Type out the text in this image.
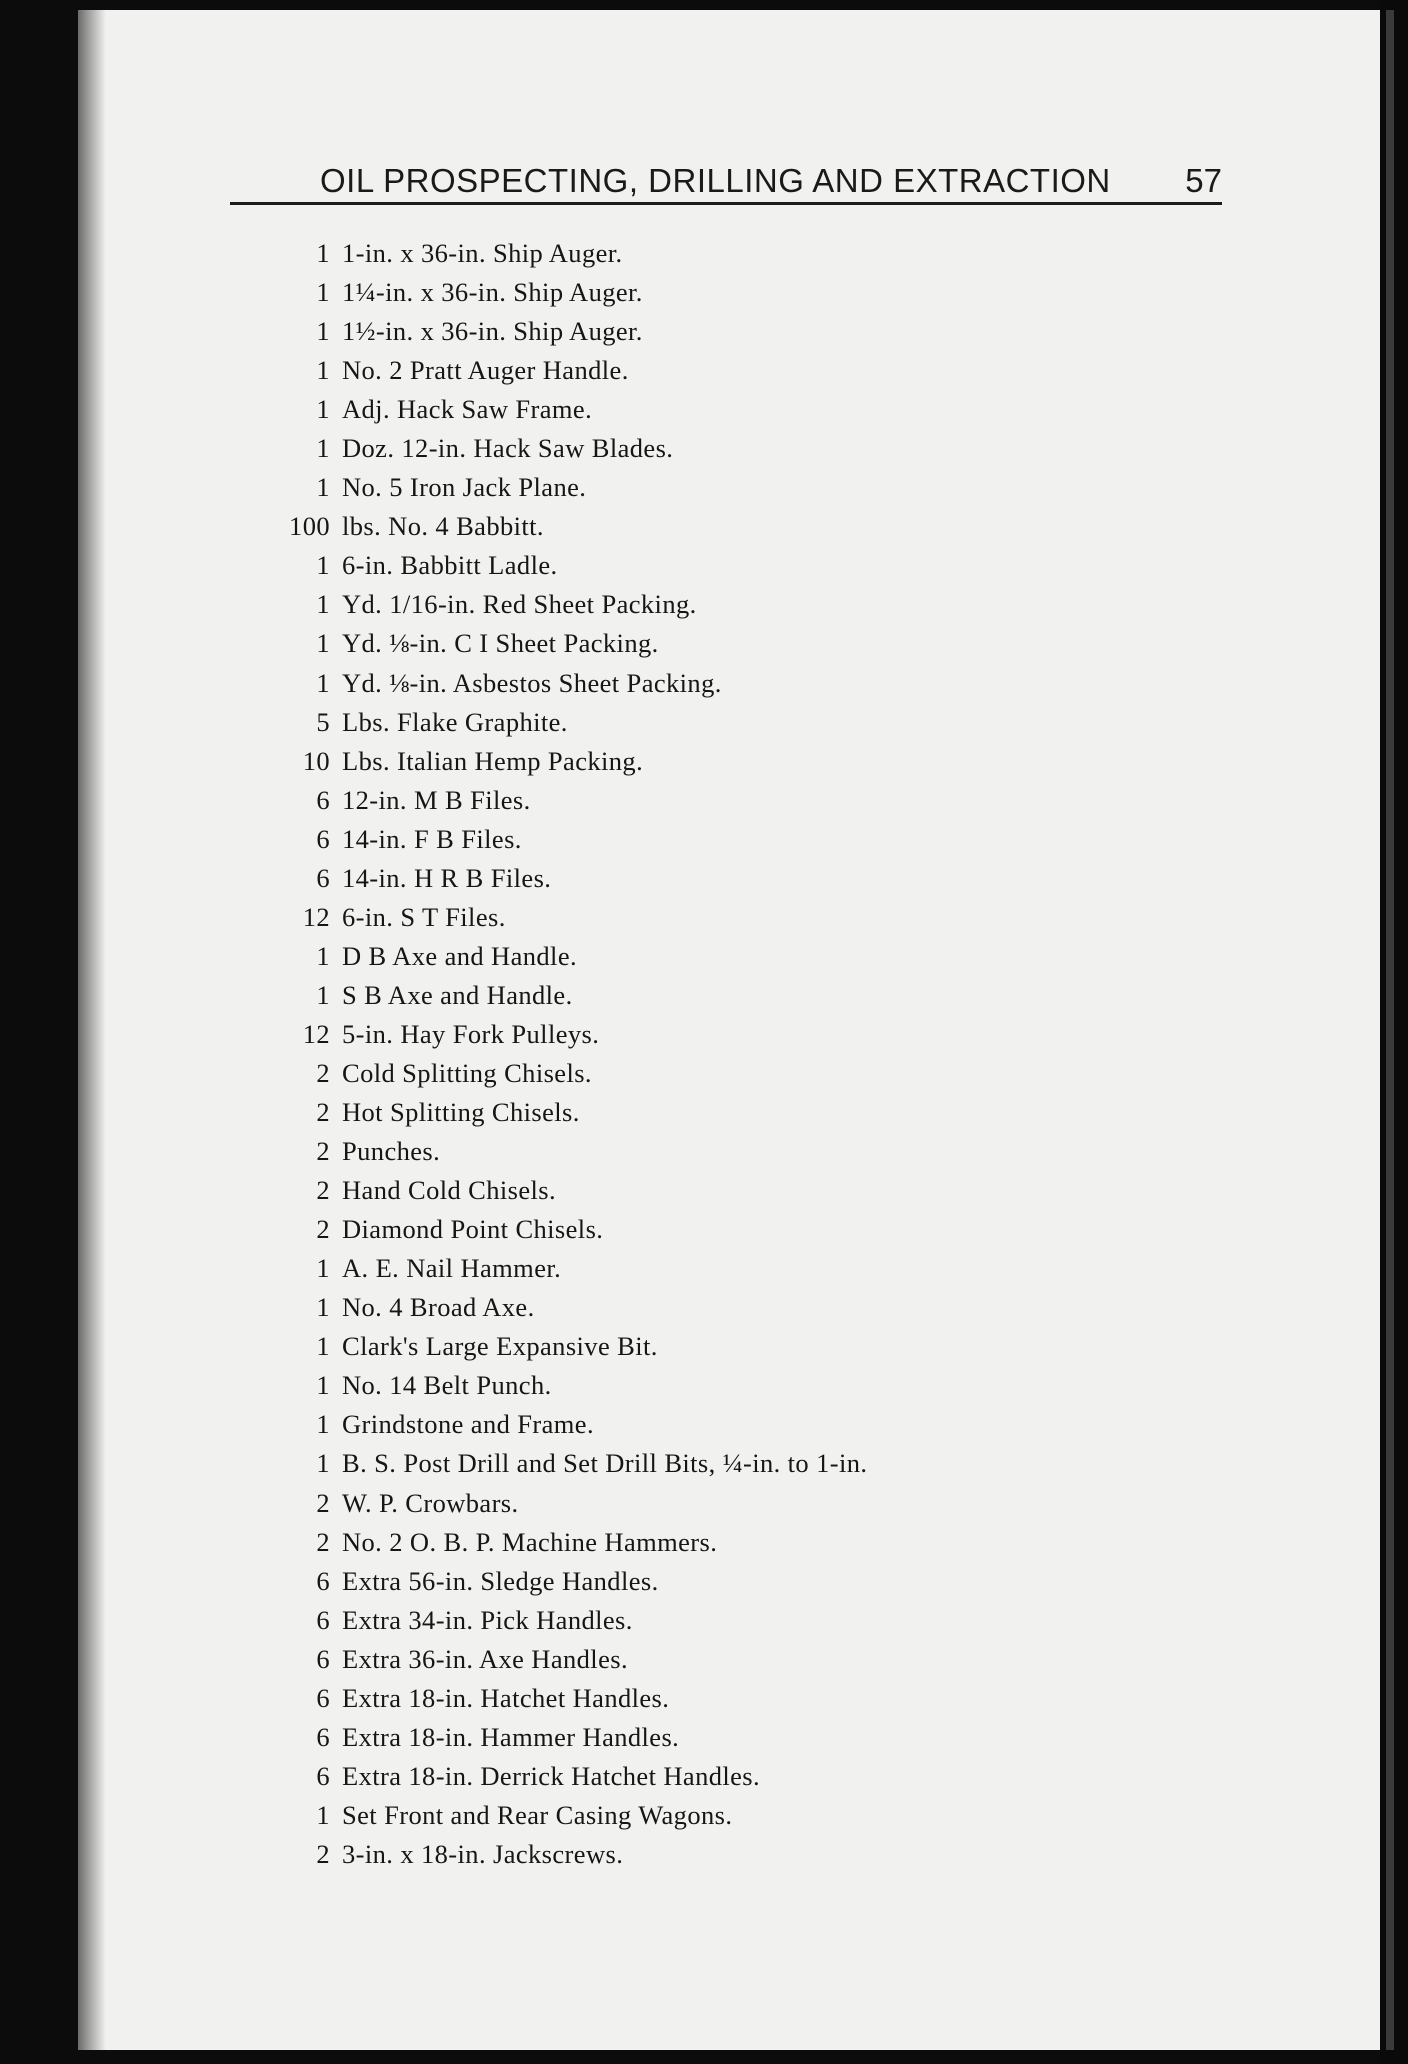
OIL PROSPECTING, DRILLING AND EXTRACTION 57
1 1-in. x 36-in. Ship Auger.
1 1¼-in. x 36-in. Ship Auger.
1 1½-in. x 36-in. Ship Auger.
1 No. 2 Pratt Auger Handle.
1 Adj. Hack Saw Frame.
1 Doz. 12-in. Hack Saw Blades.
1 No. 5 Iron Jack Plane.
100 lbs. No. 4 Babbitt.
1 6-in. Babbitt Ladle.
1 Yd. 1/16-in. Red Sheet Packing.
1 Yd. ⅛-in. C I Sheet Packing.
1 Yd. ⅛-in. Asbestos Sheet Packing.
5 Lbs. Flake Graphite.
10 Lbs. Italian Hemp Packing.
6 12-in. M B Files.
6 14-in. F B Files.
6 14-in. H R B Files.
12 6-in. S T Files.
1 D B Axe and Handle.
1 S B Axe and Handle.
12 5-in. Hay Fork Pulleys.
2 Cold Splitting Chisels.
2 Hot Splitting Chisels.
2 Punches.
2 Hand Cold Chisels.
2 Diamond Point Chisels.
1 A. E. Nail Hammer.
1 No. 4 Broad Axe.
1 Clark's Large Expansive Bit.
1 No. 14 Belt Punch.
1 Grindstone and Frame.
1 B. S. Post Drill and Set Drill Bits, ¼-in. to 1-in.
2 W. P. Crowbars.
2 No. 2 O. B. P. Machine Hammers.
6 Extra 56-in. Sledge Handles.
6 Extra 34-in. Pick Handles.
6 Extra 36-in. Axe Handles.
6 Extra 18-in. Hatchet Handles.
6 Extra 18-in. Hammer Handles.
6 Extra 18-in. Derrick Hatchet Handles.
1 Set Front and Rear Casing Wagons.
2 3-in. x 18-in. Jackscrews.
